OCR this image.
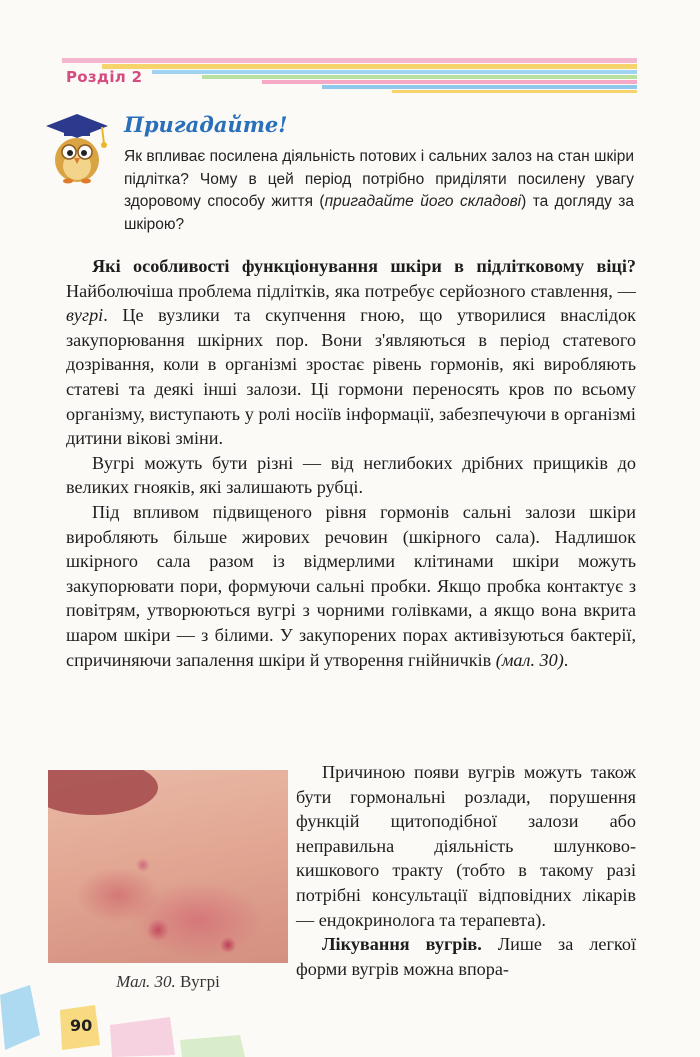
Розділ 2
Пригадайте!
Як впливає посилена діяльність потових і сальних залоз на стан шкіри підлітка? Чому в цей період потрібно приділяти посилену увагу здоровому способу життя (пригадайте його складові) та догляду за шкірою?

Які особливості функціонування шкіри в підлітковому віці? Найболючіша проблема підлітків, яка потребує серйозного ставлення, — вугрі. Це вузлики та скупчення гною, що утворилися внаслідок закупорювання шкірних пор. Вони з'являються в період статевого дозрівання, коли в організмі зростає рівень гормонів, які виробляють статеві та деякі інші залози. Ці гормони переносять кров по всьому організму, виступають у ролі носіїв інформації, забезпечуючи в організмі дитини вікові зміни.

Вугрі можуть бути різні — від неглибоких дрібних прищиків до великих гнояків, які залишають рубці.

Під впливом підвищеного рівня гормонів сальні залози шкіри виробляють більше жирових речовин (шкірного сала). Надлишок шкірного сала разом із відмерлими клітинами шкіри можуть закупорювати пори, формуючи сальні пробки. Якщо пробка контактує з повітрям, утворюються вугрі з чорними голівками, а якщо вона вкрита шаром шкіри — з білими. У закупорених порах активізуються бактерії, спричиняючи запалення шкіри й утворення гнійничків (мал. 30).

Мал. 30. Вугрі

Причиною появи вугрів можуть також бути гормональні розлади, порушення функцій щитоподібної залози або неправильна діяльність шлунково-кишкового тракту (тобто в такому разі потрібні консультації відповідних лікарів — ендокринолога та терапевта).

Лікування вугрів. Лише за легкої форми вугрів можна впора-

90
